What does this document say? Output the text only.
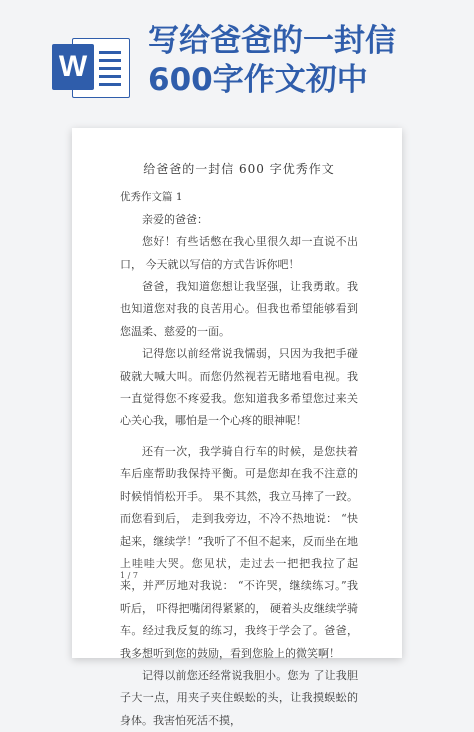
W
写给爸爸的一封信
600字作文初中
给爸爸的一封信 600 字优秀作文
优秀作文篇 1

亲爱的爸爸：

您好！有些话憋在我心里很久却一直说不出口， 今天就以写信的方式告诉你吧！

爸爸，我知道您想让我坚强，让我勇敢。我也知道您对我的良苦用心。但我也希望能够看到您温柔、慈爱的一面。

记得您以前经常说我懦弱，只因为我把手碰破就大喊大叫。而您仍然视若无睹地看电视。我一直觉得您不疼爱我。您知道我多希望您过来关心关心我，哪怕是一个心疼的眼神呢！

还有一次，我学骑自行车的时候，是您扶着车后座帮助我保持平衡。可是您却在我不注意的时候悄悄松开手。 果不其然，我立马摔了一跤。而您看到后， 走到我旁边，不冷不热地说： “快起来，继续学！”我听了不但不起来，反而坐在地上哇哇大哭。您见状，走过去一把把我拉了起来，并严厉地对我说： “不许哭，继续练习。”我听后， 吓得把嘴闭得紧紧的， 硬着头皮继续学骑车。经过我反复的练习，我终于学会了。爸爸，我多想听到您的鼓励，看到您脸上的微笑啊！

记得以前您还经常说我胆小。您为 了让我胆子大一点，用夹子夹住蜈蚣的头，让我摸蜈蚣的身体。我害怕死活不摸，

1 / 7
